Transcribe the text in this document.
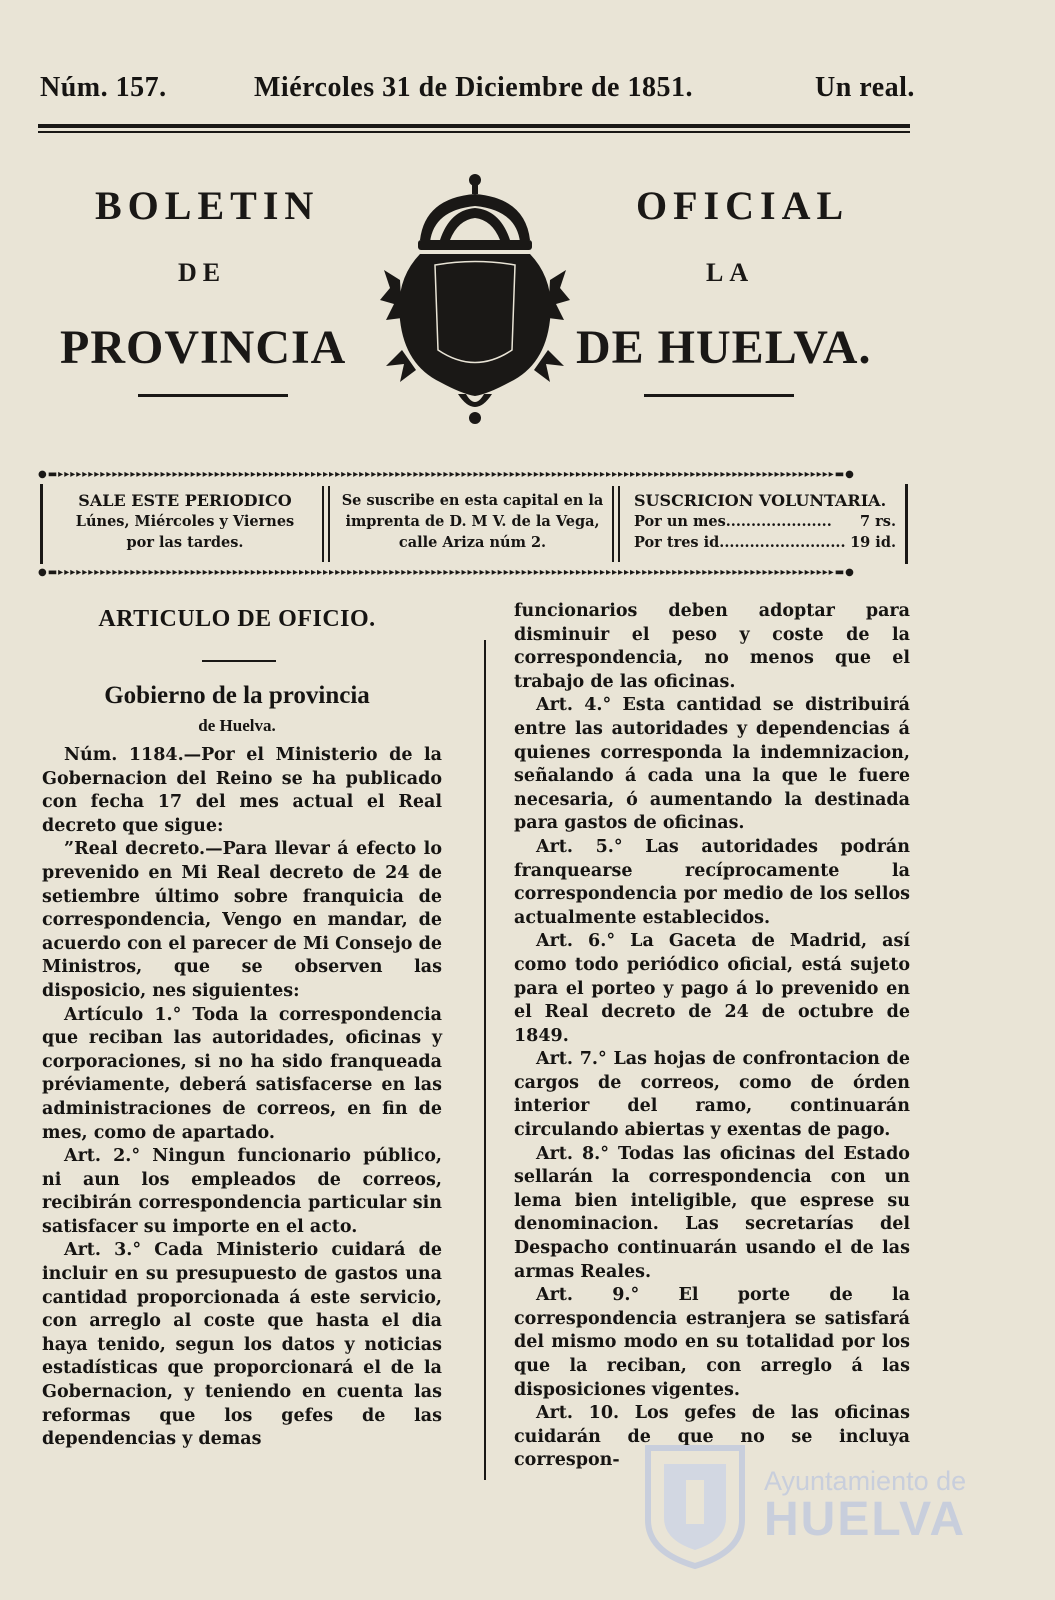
Núm. 157.	Miércoles 31 de Diciembre de 1851.	Un real.
BOLETIN	OFICIAL
DE	LA
PROVINCIA	DE HUELVA.
●▬▸▸▸▸▸▸▸▸▸▸▸▸▸▸▸▸▸▸▸▸▸▸▸▸▸▸▸▸▸▸▸▸▸▸▸▸▸▸▸▸▸▸▸▸▸▸▸▸▸▸▸▸▸▸▸▸▸▸▸▸▸▸▸▸▸▸▸▸▸▸▸▸▸▸▸▸▸▸▸▸▸▸▸▸▸▸▸▸▸▸▸▸▸▸▸▸▸▸▸▸▸▸▸▸▸▸▸▸▸▸▸▸▸▸▸▸▸▸▸▸▸▸▸▸▸▸▸▸▸▬●
●▬▸▸▸▸▸▸▸▸▸▸▸▸▸▸▸▸▸▸▸▸▸▸▸▸▸▸▸▸▸▸▸▸▸▸▸▸▸▸▸▸▸▸▸▸▸▸▸▸▸▸▸▸▸▸▸▸▸▸▸▸▸▸▸▸▸▸▸▸▸▸▸▸▸▸▸▸▸▸▸▸▸▸▸▸▸▸▸▸▸▸▸▸▸▸▸▸▸▸▸▸▸▸▸▸▸▸▸▸▸▸▸▸▸▸▸▸▸▸▸▸▸▸▸▸▸▸▸▸▸▬●
SALE ESTE PERIODICO
Lúnes, Miércoles y Viernes
por las tardes.
Se suscribe en esta capital en la
imprenta de D. M V. de la Vega,
calle Ariza núm 2.
SUSCRICION VOLUNTARIA.
Por un mes..................... 7 rs.
Por tres id......................... 19 id.
ARTICULO DE OFICIO.
Gobierno de la provincia
de Huelva.

Núm. 1184.—Por el Ministerio de la Gobernacion del Reino se ha publicado con fecha 17 del mes actual el Real decreto que sigue:

”Real decreto.—Para llevar á efecto lo prevenido en Mi Real decreto de 24 de setiembre último sobre franquicia de correspondencia, Vengo en mandar, de acuerdo con el parecer de Mi Consejo de Ministros, que se observen las disposicio, nes siguientes:

Artículo 1.° Toda la correspondencia que reciban las autoridades, oficinas y corporaciones, si no ha sido franqueada préviamente, deberá satisfacerse en las administraciones de correos, en fin de mes, como de apartado.

Art. 2.° Ningun funcionario público, ni aun los empleados de correos, recibirán correspondencia particular sin satisfacer su importe en el acto.

Art. 3.° Cada Ministerio cuidará de incluir en su presupuesto de gastos una cantidad proporcionada á este servicio, con arreglo al coste que hasta el dia haya tenido, segun los datos y noticias estadísticas que proporcionará el de la Gobernacion, y teniendo en cuenta las reformas que los gefes de las dependencias y demas

funcionarios deben adoptar para disminuir el peso y coste de la correspondencia, no menos que el trabajo de las oficinas.

Art. 4.° Esta cantidad se distribuirá entre las autoridades y dependencias á quienes corresponda la indemnizacion, señalando á cada una la que le fuere necesaria, ó aumentando la destinada para gastos de oficinas.

Art. 5.° Las autoridades podrán franquearse recíprocamente la correspondencia por medio de los sellos actualmente establecidos.

Art. 6.° La Gaceta de Madrid, así como todo periódico oficial, está sujeto para el porteo y pago á lo prevenido en el Real decreto de 24 de octubre de 1849.

Art. 7.° Las hojas de confrontacion de cargos de correos, como de órden interior del ramo, continuarán circulando abiertas y exentas de pago.

Art. 8.° Todas las oficinas del Estado sellarán la correspondencia con un lema bien inteligible, que esprese su denominacion. Las secretarías del Despacho continuarán usando el de las armas Reales.

Art. 9.° El porte de la correspondencia estranjera se satisfará del mismo modo en su totalidad por los que la reciban, con arreglo á las disposiciones vigentes.

Art. 10. Los gefes de las oficinas cuidarán de que no se incluya correspon-

Ayuntamiento de
HUELVA
